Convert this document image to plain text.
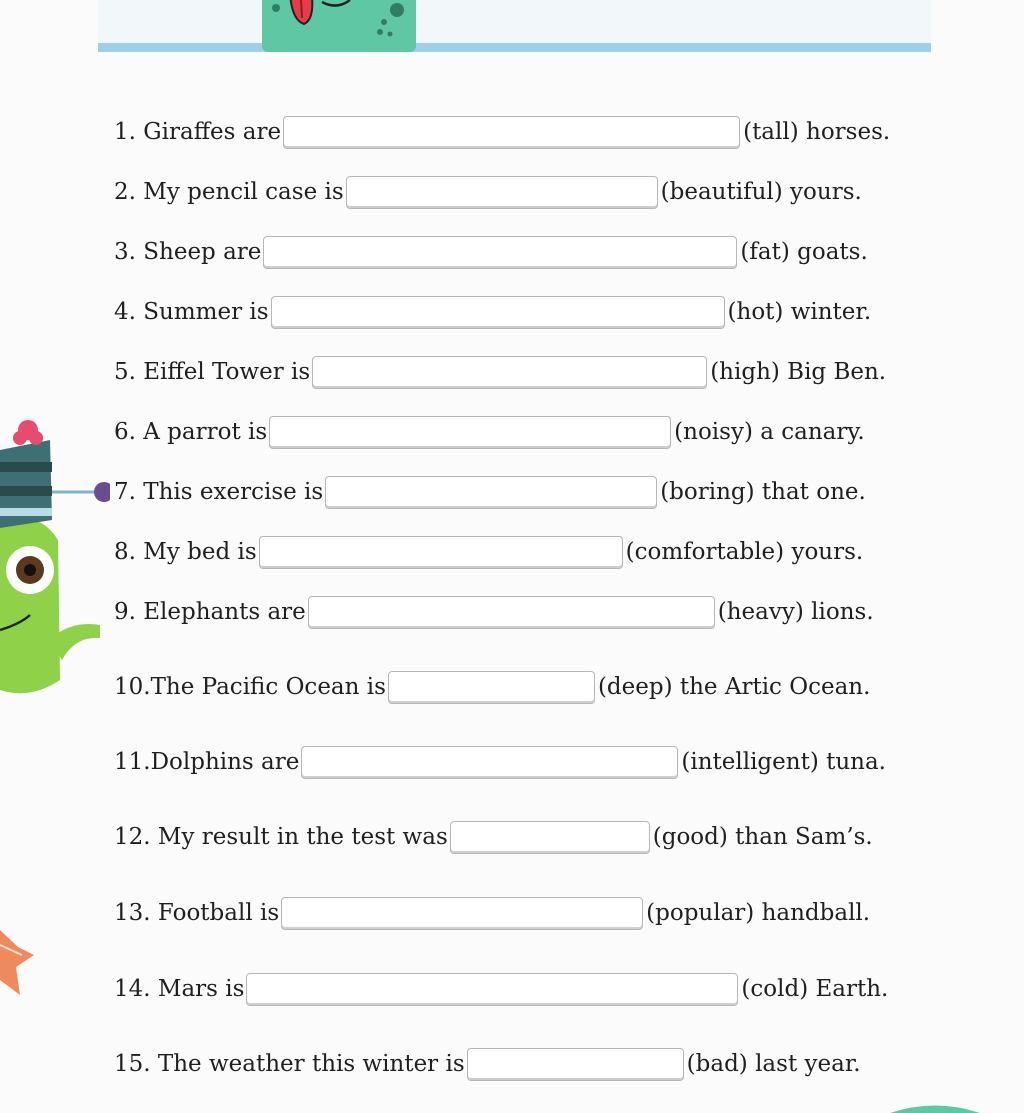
1.
Giraffes are	(tall) horses.
2.
My pencil case is	(beautiful) yours.
3.
Sheep are	(fat) goats.
4.
Summer is	(hot) winter.
5.
Eiffel Tower is	(high) Big Ben.
6.
A parrot is	(noisy) a canary.
7.
This exercise is	(boring) that one.
8.
My bed is	(comfortable) yours.
9.
Elephants are	(heavy) lions.
10. The Pacific Ocean is	(deep) the Artic Ocean.
11. Dolphins are	(intelligent) tuna.
12.
My result in the test was	(good) than Sam’s.
13.
Football is	(popular) handball.
14.
Mars is	(cold) Earth.
15.
The weather this winter is	(bad) last year.
